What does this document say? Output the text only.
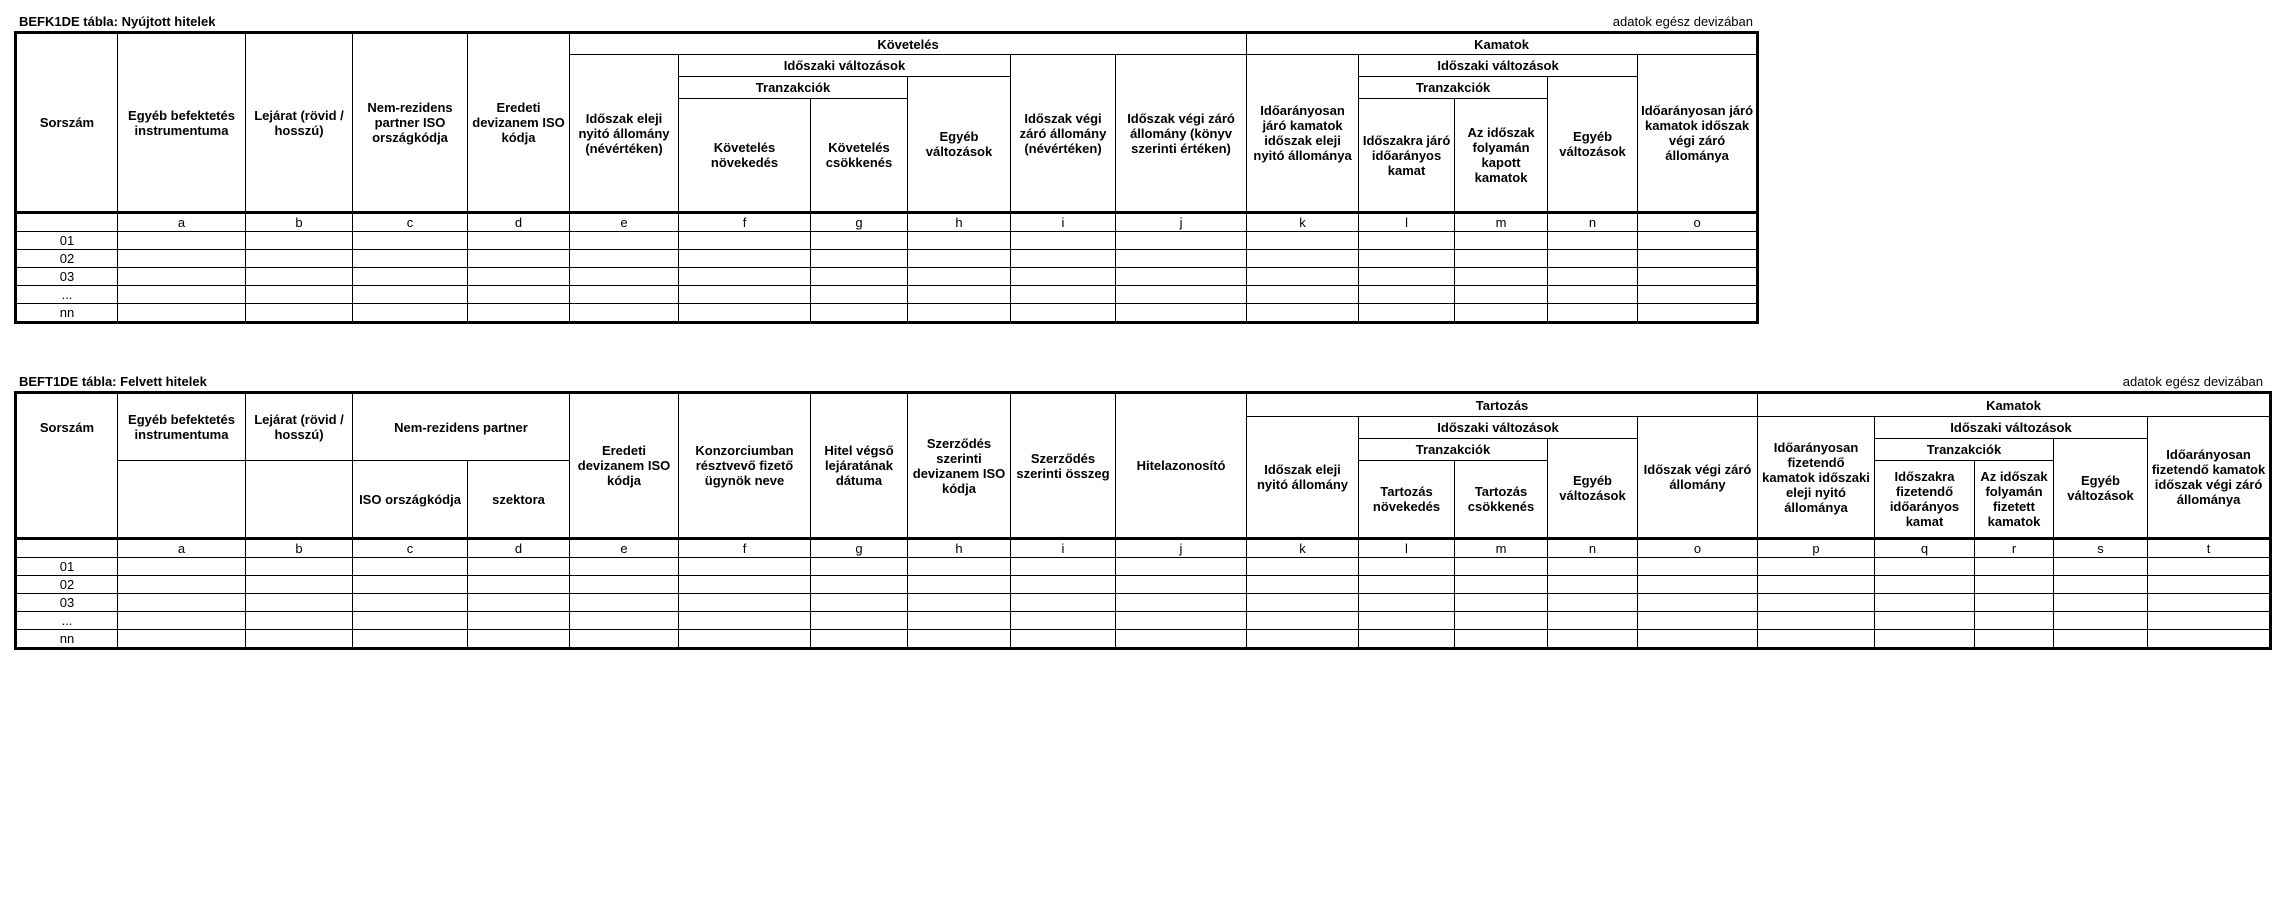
BEFK1DE tábla: Nyújtott hitelek	adatok egész devizában
Sorszám	Egyéb befektetés instrumentuma	Lejárat (rövid / hosszú)	Nem-rezidens partner ISO országkódja	Eredeti devizanem ISO kódja	Követelés						Kamatok				
					Időszak eleji nyitó állomány (névértéken)	Időszaki változások			Időszak végi záró állomány (névértéken)	Időszak végi záró állomány (könyv szerinti értéken)	Időarányosan járó kamatok időszak eleji nyitó állománya	Időszaki változások			Időarányosan járó kamatok időszak végi záró állománya
						Tranzakciók		Egyéb változások				Tranzakciók		Egyéb változások	
						Követelés növekedés	Követelés csökkenés					Időszakra járó időarányos kamat	Az időszak folyamán kapott kamatok		
	a	b	c	d	e	f	g	h	i	j	k	l	m	n	o
01															
02															
03															
...															
nn															
BEFT1DE tábla: Felvett hitelek	adatok egész devizában
Sorszám	Egyéb befektetés instrumentuma	Lejárat (rövid / hosszú)	Nem-rezidens partner		Eredeti devizanem ISO kódja	Konzorciumban résztvevő fizető ügynök neve	Hitel végső lejáratának dátuma	Szerződés szerinti devizanem ISO kódja	Szerződés szerinti összeg	Hitelazonosító	Tartozás					Kamatok				
											Időszak eleji nyitó állomány	Időszaki változások			Időszak végi záró állomány	Időarányosan fizetendő kamatok időszaki eleji nyitó állománya	Időszaki változások			Időarányosan fizetendő kamatok időszak végi záró állománya
												Tranzakciók		Egyéb változások			Tranzakciók		Egyéb változások	
			ISO országkódja	szektora								Tartozás növekedés	Tartozás csökkenés				Időszakra fizetendő időarányos kamat	Az időszak folyamán fizetett kamatok		

	a	b	c	d	e	f	g	h	i	j	k	l	m	n	o	p	q	r	s	t
01																				
02																				
03																				
...																				
nn																				
